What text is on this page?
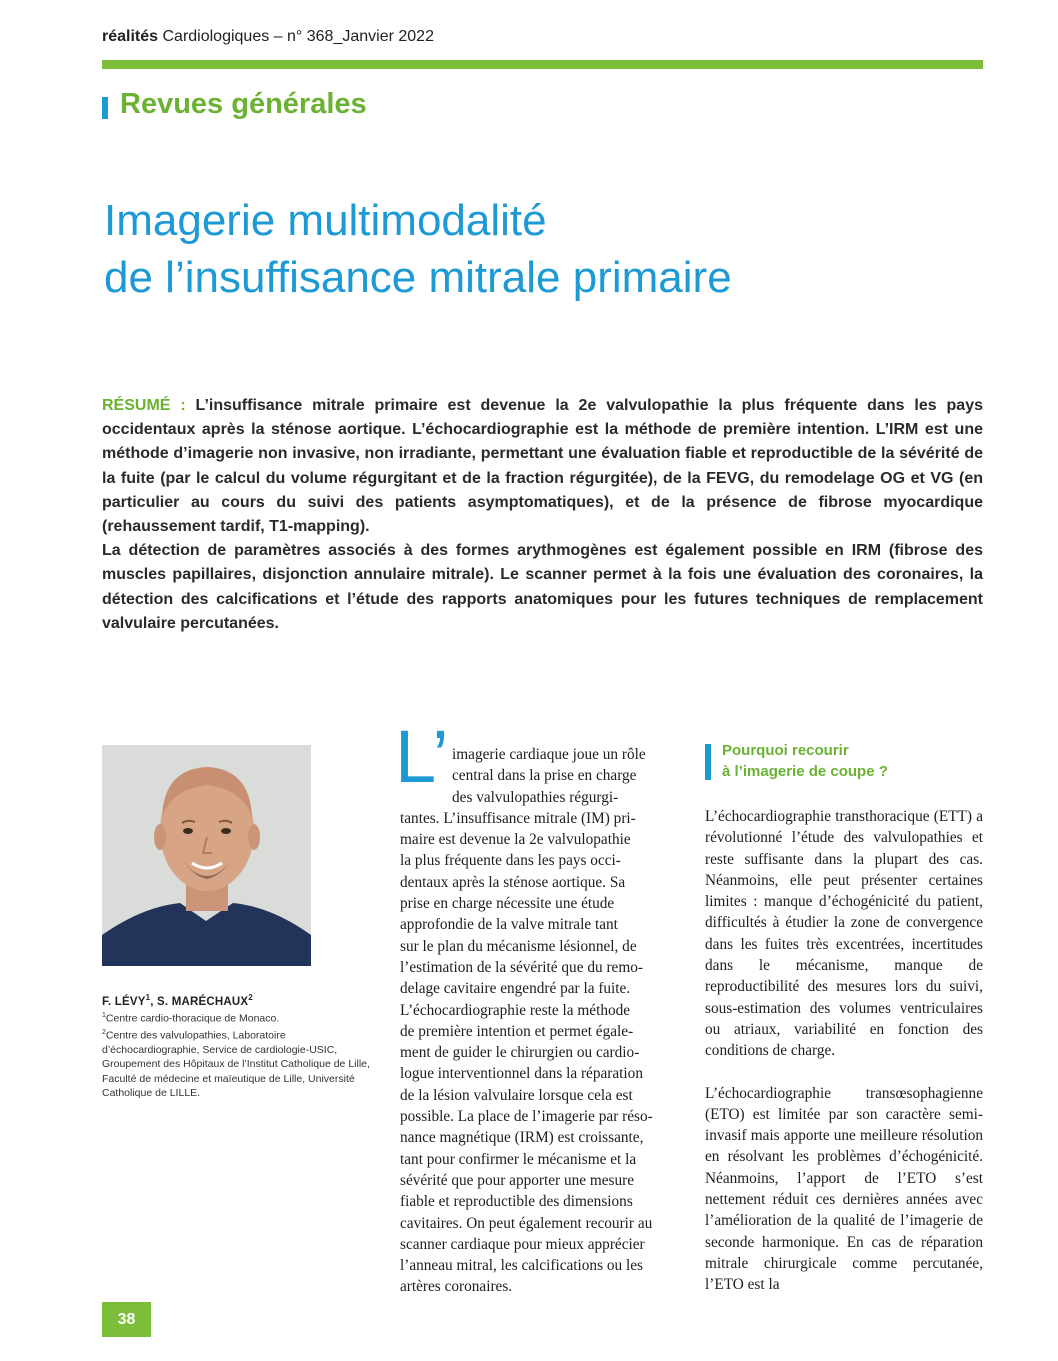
réalités Cardiologiques – n° 368_Janvier 2022
Revues générales
Imagerie multimodalité
de l’insuffisance mitrale primaire

RÉSUMÉ : L’insuffisance mitrale primaire est devenue la 2e valvulopathie la plus fréquente dans les pays occidentaux après la sténose aortique. L’échocardiographie est la méthode de première intention. L’IRM est une méthode d’imagerie non invasive, non irradiante, permettant une évaluation fiable et reproductible de la sévérité de la fuite (par le calcul du volume régurgitant et de la fraction régurgitée), de la FEVG, du remodelage OG et VG (en particulier au cours du suivi des patients asymptomatiques), et de la présence de fibrose myocardique (rehaussement tardif, T1-mapping).

La détection de paramètres associés à des formes arythmogènes est également possible en IRM (fibrose des muscles papillaires, disjonction annulaire mitrale). Le scanner permet à la fois une évaluation des coronaires, la détection des calcifications et l’étude des rapports anatomiques pour les futures techniques de remplacement valvulaire percutanées.

F. LÉVY$^1$, S. MARÉCHAUX$^2$

$^1$Centre cardio-thoracique de Monaco.

$^2$Centre des valvulopathies, Laboratoire d’échocardiographie, Service de cardiologie-USIC, Groupement des Hôpitaux de l’Institut Catholique de Lille, Faculté de médecine et maïeutique de Lille, Université Catholique de LILLE.

L’ imagerie cardiaque joue un rôle
central dans la prise en charge
des valvulopathies régurgi-
tantes. L’insuffisance mitrale (IM) pri-
maire est devenue la 2e valvulopathie
la plus fréquente dans les pays occi-
dentaux après la sténose aortique. Sa
prise en charge nécessite une étude
approfondie de la valve mitrale tant
sur le plan du mécanisme lésionnel, de
l’estimation de la sévérité que du remo-
delage cavitaire engendré par la fuite.
L’échocardiographie reste la méthode
de première intention et permet égale-
ment de guider le chirurgien ou cardio-
logue interventionnel dans la réparation
de la lésion valvulaire lorsque cela est
possible. La place de l’imagerie par réso-
nance magnétique (IRM) est croissante,
tant pour confirmer le mécanisme et la
sévérité que pour apporter une mesure
fiable et reproductible des dimensions
cavitaires. On peut également recourir au
scanner cardiaque pour mieux apprécier
l’anneau mitral, les calcifications ou les
artères coronaires.
Pourquoi recourir
à l’imagerie de coupe ?

L’échocardiographie transthoracique (ETT) a révolutionné l’étude des valvulopathies et reste suffisante dans la plupart des cas. Néanmoins, elle peut présenter certaines limites : manque d’échogénicité du patient, difficultés à étudier la zone de convergence dans les fuites très excentrées, incertitudes dans le mécanisme, manque de reproductibilité des mesures lors du suivi, sous-estimation des volumes ventriculaires ou atriaux, variabilité en fonction des conditions de charge.

L’échocardiographie transœsophagienne (ETO) est limitée par son caractère semi-invasif mais apporte une meilleure résolution en résolvant les problèmes d’échogénicité. Néanmoins, l’apport de l’ETO s’est nettement réduit ces dernières années avec l’amélioration de la qualité de l’imagerie de seconde harmonique. En cas de réparation mitrale chirurgicale comme percutanée, l’ETO est la

38
